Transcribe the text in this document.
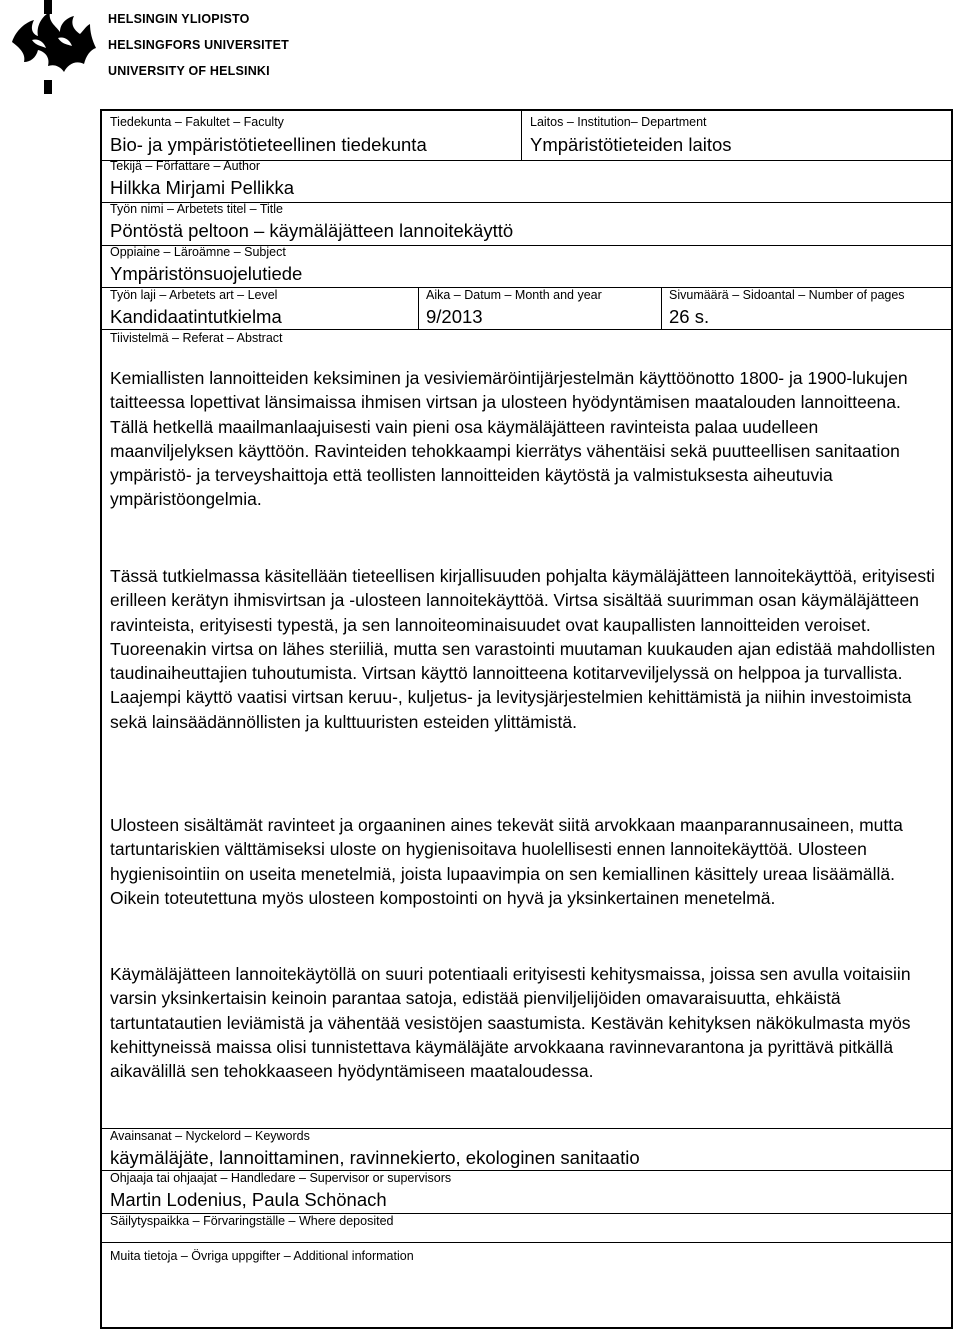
HELSINGIN YLIOPISTO
HELSINGFORS UNIVERSITET
UNIVERSITY OF HELSINKI
Tiedekunta – Fakultet – Faculty
Bio- ja ympäristötieteellinen tiedekunta
Laitos – Institution– Department
Ympäristötieteiden laitos
Tekijä – Författare – Author
Hilkka Mirjami Pellikka
Työn nimi – Arbetets titel – Title
Pöntöstä peltoon – käymäläjätteen lannoitekäyttö
Oppiaine – Läroämne – Subject
Ympäristönsuojelutiede
Työn laji – Arbetets art – Level
Kandidaatintutkielma
Aika – Datum – Month and year
9/2013
Sivumäärä – Sidoantal – Number of pages
26 s.
Tiivistelmä – Referat – Abstract

Kemiallisten lannoitteiden keksiminen ja vesiviemäröintijärjestelmän käyttöönotto 1800- ja 1900-lukujen taitteessa lopettivat länsimaissa ihmisen virtsan ja ulosteen hyödyntämisen maatalouden lannoitteena. Tällä hetkellä maailmanlaajuisesti vain pieni osa käymäläjätteen ravinteista palaa uudelleen maanviljelyksen käyttöön. Ravinteiden tehokkaampi kierrätys vähentäisi sekä puutteellisen sanitaation ympäristö- ja terveyshaittoja että teollisten lannoitteiden käytöstä ja valmistuksesta aiheutuvia ympäristöongelmia.

Tässä tutkielmassa käsitellään tieteellisen kirjallisuuden pohjalta käymäläjätteen lannoitekäyttöä, erityisesti erilleen kerätyn ihmisvirtsan ja -ulosteen lannoitekäyttöä. Virtsa sisältää suurimman osan käymäläjätteen ravinteista, erityisesti typestä, ja sen lannoiteominaisuudet ovat kaupallisten lannoitteiden veroiset. Tuoreenakin virtsa on lähes steriiliä, mutta sen varastointi muutaman kuukauden ajan edistää mahdollisten taudinaiheuttajien tuhoutumista. Virtsan käyttö lannoitteena kotitarveviljelyssä on helppoa ja turvallista. Laajempi käyttö vaatisi virtsan keruu-, kuljetus- ja levitysjärjestelmien kehittämistä ja niihin investoimista sekä lainsäädännöllisten ja kulttuuristen esteiden ylittämistä.

Ulosteen sisältämät ravinteet ja orgaaninen aines tekevät siitä arvokkaan maanparannusaineen, mutta tartuntariskien välttämiseksi uloste on hygienisoitava huolellisesti ennen lannoitekäyttöä. Ulosteen hygienisointiin on useita menetelmiä, joista lupaavimpia on sen kemiallinen käsittely ureaa lisäämällä. Oikein toteutettuna myös ulosteen kompostointi on hyvä ja yksinkertainen menetelmä.

Käymäläjätteen lannoitekäytöllä on suuri potentiaali erityisesti kehitysmaissa, joissa sen avulla voitaisiin varsin yksinkertaisin keinoin parantaa satoja, edistää pienviljelijöiden omavaraisuutta, ehkäistä tartuntatautien leviämistä ja vähentää vesistöjen saastumista. Kestävän kehityksen näkökulmasta myös kehittyneissä maissa olisi tunnistettava käymäläjäte arvokkaana ravinnevarantona ja pyrittävä pitkällä aikavälillä sen tehokkaaseen hyödyntämiseen maataloudessa.

Avainsanat – Nyckelord – Keywords
käymäläjäte, lannoittaminen, ravinnekierto, ekologinen sanitaatio
Ohjaaja tai ohjaajat – Handledare – Supervisor or supervisors
Martin Lodenius, Paula Schönach
Säilytyspaikka – Förvaringställe – Where deposited
Muita tietoja – Övriga uppgifter – Additional information
